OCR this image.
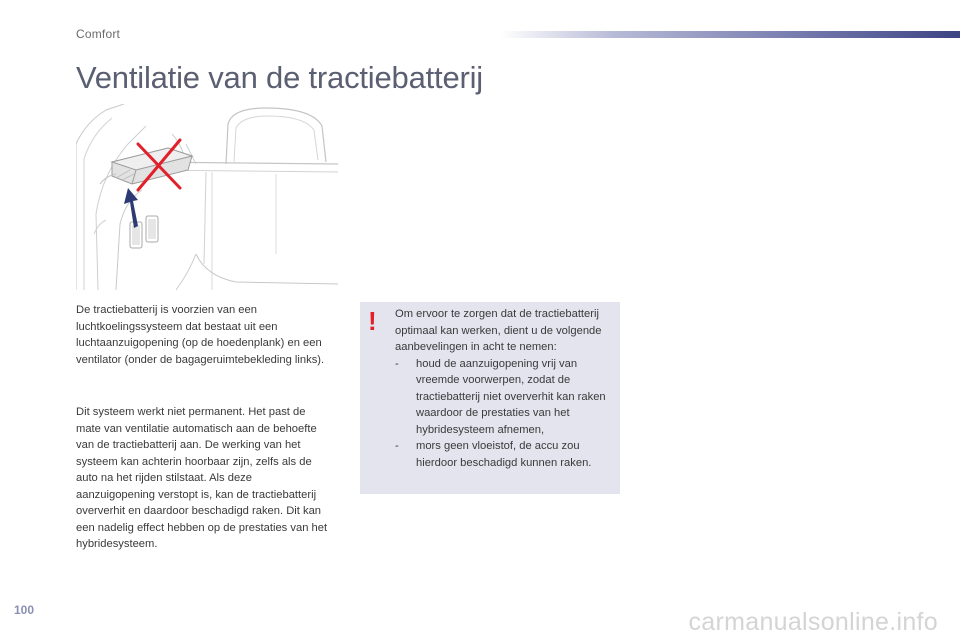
Comfort
Ventilatie van de tractiebatterij

De tractiebatterij is voorzien van een luchtkoelingssysteem dat bestaat uit een luchtaanzuigopening (op de hoedenplank) en een ventilator (onder de bagageruimtebekleding links).

Dit systeem werkt niet permanent. Het past de mate van ventilatie automatisch aan de behoefte van de tractiebatterij aan. De werking van het systeem kan achterin hoorbaar zijn, zelfs als de auto na het rijden stilstaat. Als deze aanzuigopening verstopt is, kan de tractiebatterij oververhit en daardoor beschadigd raken. Dit kan een nadelig effect hebben op de prestaties van het hybridesysteem.

! Om ervoor te zorgen dat de tractiebatterij optimaal kan werken, dient u de volgende aanbevelingen in acht te nemen:

- houd de aanzuigopening vrij van vreemde voorwerpen, zodat de tractiebatterij niet oververhit kan raken waardoor de prestaties van het hybridesysteem afnemen,
- mors geen vloeistof, de accu zou hierdoor beschadigd kunnen raken.
100	carmanualsonline.info
